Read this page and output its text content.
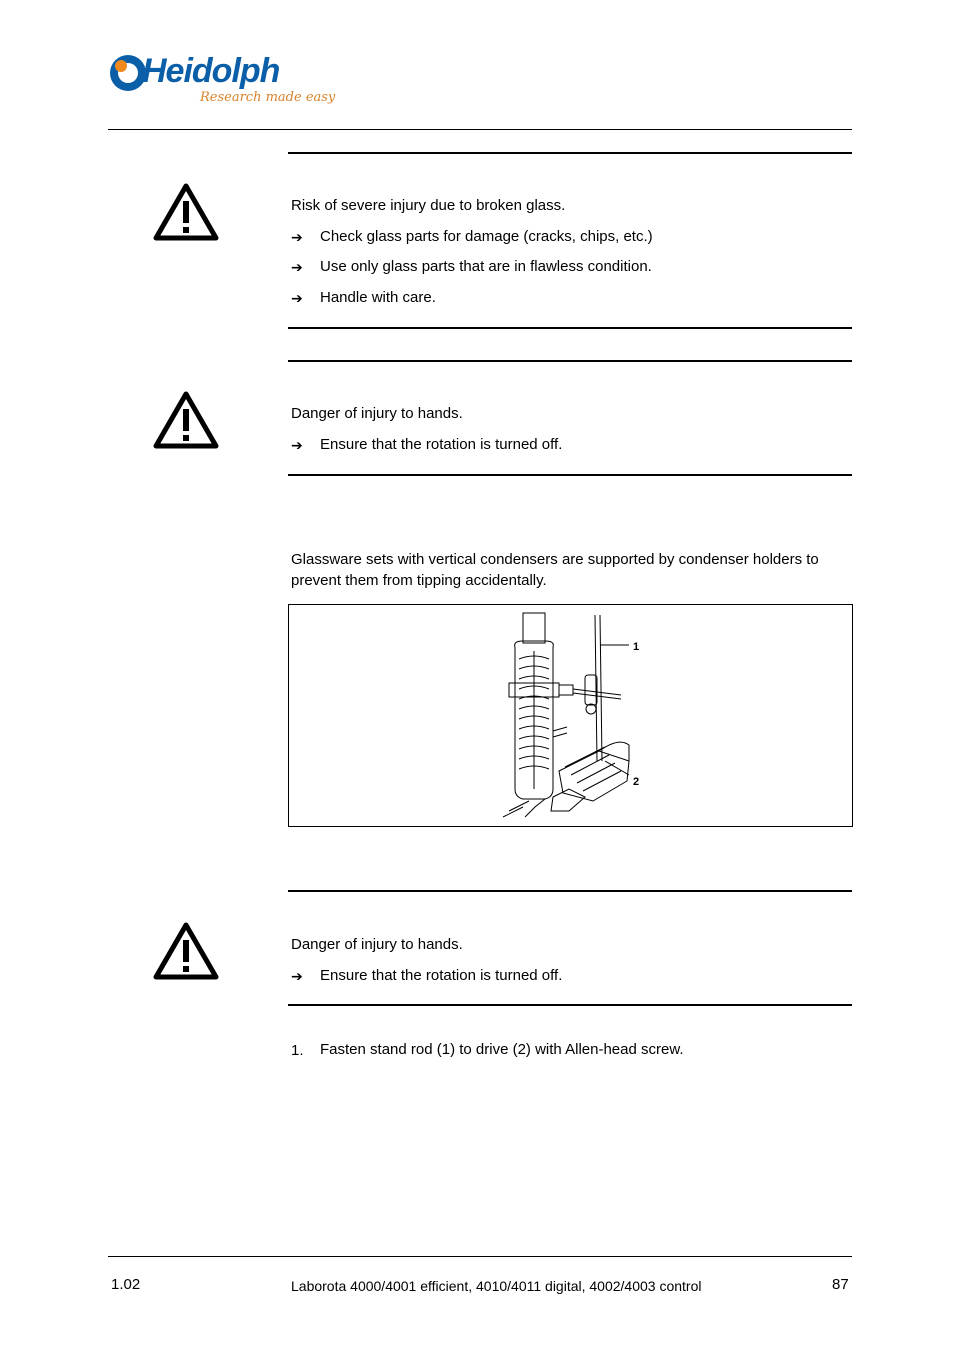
Heidolph
Research made easy
Risk of severe injury due to broken glass.
➔ Check glass parts for damage (cracks, chips, etc.)
➔ Use only glass parts that are in flawless condition.
➔ Handle with care.
Danger of injury to hands.
➔ Ensure that the rotation is turned off.
Glassware sets with vertical condensers are supported by condenser holders to prevent them from tipping accidentally.
1
2
Danger of injury to hands.
➔ Ensure that the rotation is turned off.
1. Fasten stand rod (1) to drive (2) with Allen-head screw.
1.02	Laborota 4000/4001 efficient, 4010/4011 digital, 4002/4003 control	87
